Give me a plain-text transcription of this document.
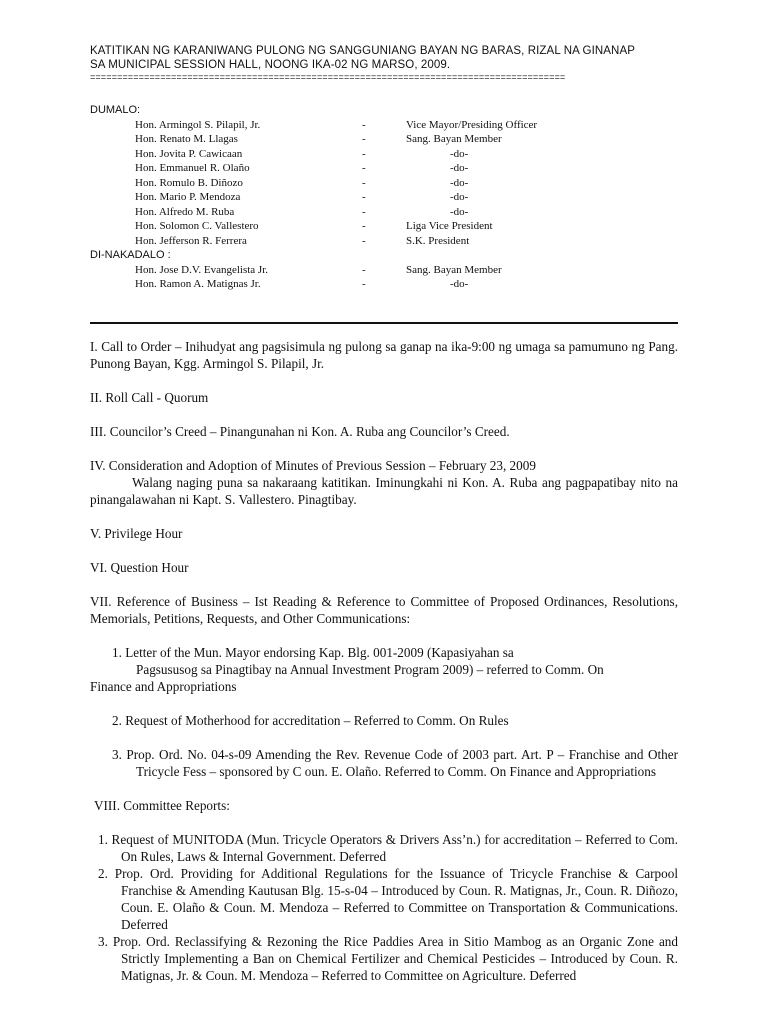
KATITIKAN NG KARANIWANG PULONG NG SANGGUNIANG BAYAN NG BARAS, RIZAL NA GINANAP
SA MUNICIPAL SESSION HALL, NOONG IKA-02 NG MARSO, 2009.
========================================================================================
DUMALO:
Hon. Armingol S. Pilapil, Jr.	-	Vice Mayor/Presiding Officer
Hon. Renato M. Llagas	-	Sang. Bayan Member
Hon. Jovita P. Cawicaan	-	-do-
Hon. Emmanuel R. Olaño	-	-do-
Hon. Romulo B. Diñozo	-	-do-
Hon. Mario P. Mendoza	-	-do-
Hon. Alfredo M. Ruba	-	-do-
Hon. Solomon C. Vallestero	-	Liga Vice President
Hon. Jefferson R. Ferrera	-	S.K. President
DI-NAKADALO :
Hon. Jose D.V. Evangelista Jr.	-	Sang. Bayan Member
Hon. Ramon A. Matignas Jr.	-	-do-

I. Call to Order – Inihudyat ang pagsisimula ng pulong sa ganap na ika-9:00 ng umaga sa pamumuno ng Pang. Punong Bayan, Kgg. Armingol S. Pilapil, Jr.

II. Roll Call - Quorum

III. Councilor’s Creed – Pinangunahan ni Kon. A. Ruba ang Councilor’s Creed.

IV. Consideration and Adoption of Minutes of Previous Session – February 23, 2009
Walang naging puna sa nakaraang katitikan. Iminungkahi ni Kon. A. Ruba ang pagpapatibay nito na pinangalawahan ni Kapt. S. Vallestero. Pinagtibay.

V. Privilege Hour

VI. Question Hour

VII. Reference of Business – Ist Reading & Reference to Committee of Proposed Ordinances, Resolutions, Memorials, Petitions, Requests, and Other Communications:

1. Letter of the Mun. Mayor endorsing Kap. Blg. 001-2009 (Kapasiyahan sa
Pagsususog sa Pinagtibay na Annual Investment Program 2009) – referred to Comm. On
Finance and Appropriations

2. Request of Motherhood for accreditation – Referred to Comm. On Rules

3. Prop. Ord. No. 04-s-09 Amending the Rev. Revenue Code of 2003 part. Art. P – Franchise and Other Tricycle Fess – sponsored by C oun. E. Olaño. Referred to Comm. On Finance and Appropriations

VIII. Committee Reports:

1. Request of MUNITODA (Mun. Tricycle Operators & Drivers Ass’n.) for accreditation – Referred to Com. On Rules, Laws & Internal Government. Deferred

2. Prop. Ord. Providing for Additional Regulations for the Issuance of Tricycle Franchise & Carpool Franchise & Amending Kautusan Blg. 15-s-04 – Introduced by Coun. R. Matignas, Jr., Coun. R. Diñozo, Coun. E. Olaño & Coun. M. Mendoza – Referred to Committee on Transportation & Communications. Deferred

3. Prop. Ord. Reclassifying & Rezoning the Rice Paddies Area in Sitio Mambog as an Organic Zone and Strictly Implementing a Ban on Chemical Fertilizer and Chemical Pesticides – Introduced by Coun. R. Matignas, Jr. & Coun. M. Mendoza – Referred to Committee on Agriculture. Deferred
